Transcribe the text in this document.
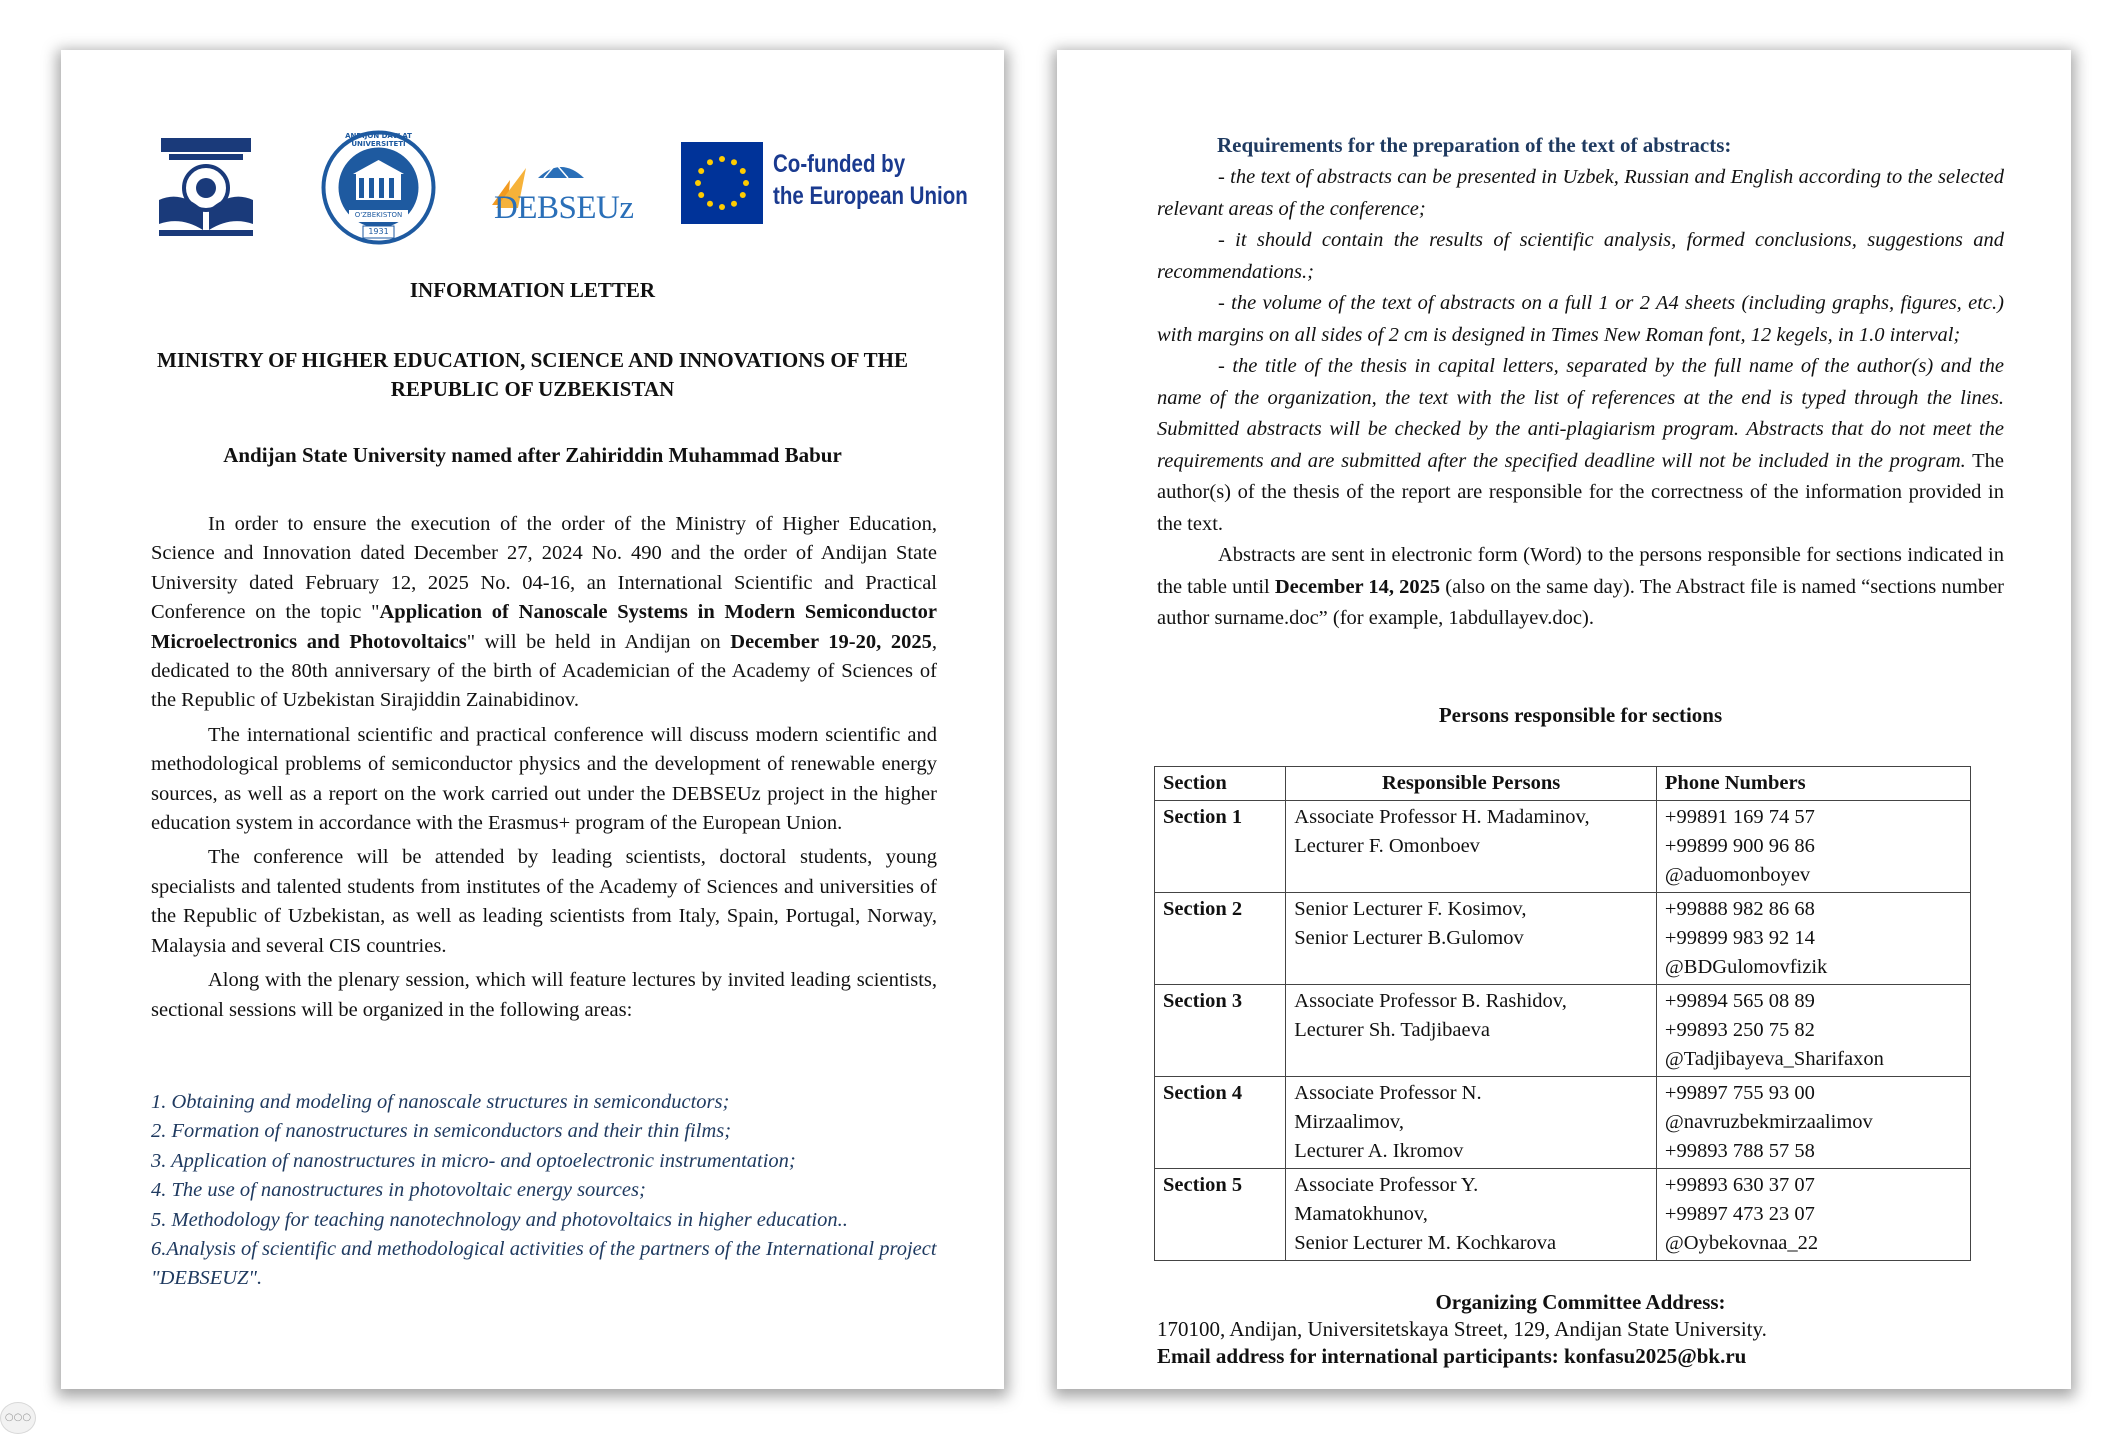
ANDIJON DAVLAT UNIVERSITETI
O'ZBEKISTON
1931
DEBSEUz
Co-funded by
the European Union
INFORMATION LETTER
MINISTRY OF HIGHER EDUCATION, SCIENCE AND INNOVATIONS OF THE REPUBLIC OF UZBEKISTAN
Andijan State University named after Zahiriddin Muhammad Babur

In order to ensure the execution of the order of the Ministry of Higher Education, Science and Innovation dated December 27, 2024 No. 490 and the order of Andijan State University dated February 12, 2025 No. 04-16, an International Scientific and Practical Conference on the topic "Application of Nanoscale Systems in Modern Semiconductor Microelectronics and Photovoltaics" will be held in Andijan on December 19-20, 2025, dedicated to the 80th anniversary of the birth of Academician of the Academy of Sciences of the Republic of Uzbekistan Sirajiddin Zainabidinov.

The international scientific and practical conference will discuss modern scientific and methodological problems of semiconductor physics and the development of renewable energy sources, as well as a report on the work carried out under the DEBSEUz project in the higher education system in accordance with the Erasmus+ program of the European Union.

The conference will be attended by leading scientists, doctoral students, young specialists and talented students from institutes of the Academy of Sciences and universities of the Republic of Uzbekistan, as well as leading scientists from Italy, Spain, Portugal, Norway, Malaysia and several CIS countries.

Along with the plenary session, which will feature lectures by invited leading scientists, sectional sessions will be organized in the following areas:

1. Obtaining and modeling of nanoscale structures in semiconductors;
2. Formation of nanostructures in semiconductors and their thin films;
3. Application of nanostructures in micro- and optoelectronic instrumentation;
4. The use of nanostructures in photovoltaic energy sources;
5. Methodology for teaching nanotechnology and photovoltaics in higher education..
6.Analysis of scientific and methodological activities of the partners of the International project "DEBSEUZ".
Requirements for the preparation of the text of abstracts:

- the text of abstracts can be presented in Uzbek, Russian and English according to the selected relevant areas of the conference;

- it should contain the results of scientific analysis, formed conclusions, suggestions and recommendations.;

- the volume of the text of abstracts on a full 1 or 2 A4 sheets (including graphs, figures, etc.) with margins on all sides of 2 cm is designed in Times New Roman font, 12 kegels, in 1.0 interval;

- the title of the thesis in capital letters, separated by the full name of the author(s) and the name of the organization, the text with the list of references at the end is typed through the lines. Submitted abstracts will be checked by the anti-plagiarism program. Abstracts that do not meet the requirements and are submitted after the specified deadline will not be included in the program. The author(s) of the thesis of the report are responsible for the correctness of the information provided in the text.

Abstracts are sent in electronic form (Word) to the persons responsible for sections indicated in the table until December 14, 2025 (also on the same day). The Abstract file is named “sections number author surname.doc” (for example, 1abdullayev.doc).

Persons responsible for sections
Section	Responsible Persons	Phone Numbers
Section 1	Associate Professor H. Madaminov,
Lecturer F. Omonboev	+99891 169 74 57
+99899 900 96 86
@aduomonboyev

Section 2	Senior Lecturer F. Kosimov,
Senior Lecturer B.Gulomov	+99888 982 86 68
+99899 983 92 14
@BDGulomovfizik

Section 3	Associate Professor B. Rashidov,
Lecturer Sh. Tadjibaeva	+99894 565 08 89
+99893 250 75 82
@Tadjibayeva_Sharifaxon

Section 4	Associate Professor N.
Mirzaalimov,
Lecturer A. Ikromov	+99897 755 93 00
@navruzbekmirzaalimov
+99893 788 57 58

Section 5	Associate Professor Y.
Mamatokhunov,
Senior Lecturer M. Kochkarova	+99893 630 37 07
+99897 473 23 07
@Oybekovnaa_22
Organizing Committee Address:
170100, Andijan, Universitetskaya Street, 129, Andijan State University.
Email address for international participants: konfasu2025@bk.ru
○○○
